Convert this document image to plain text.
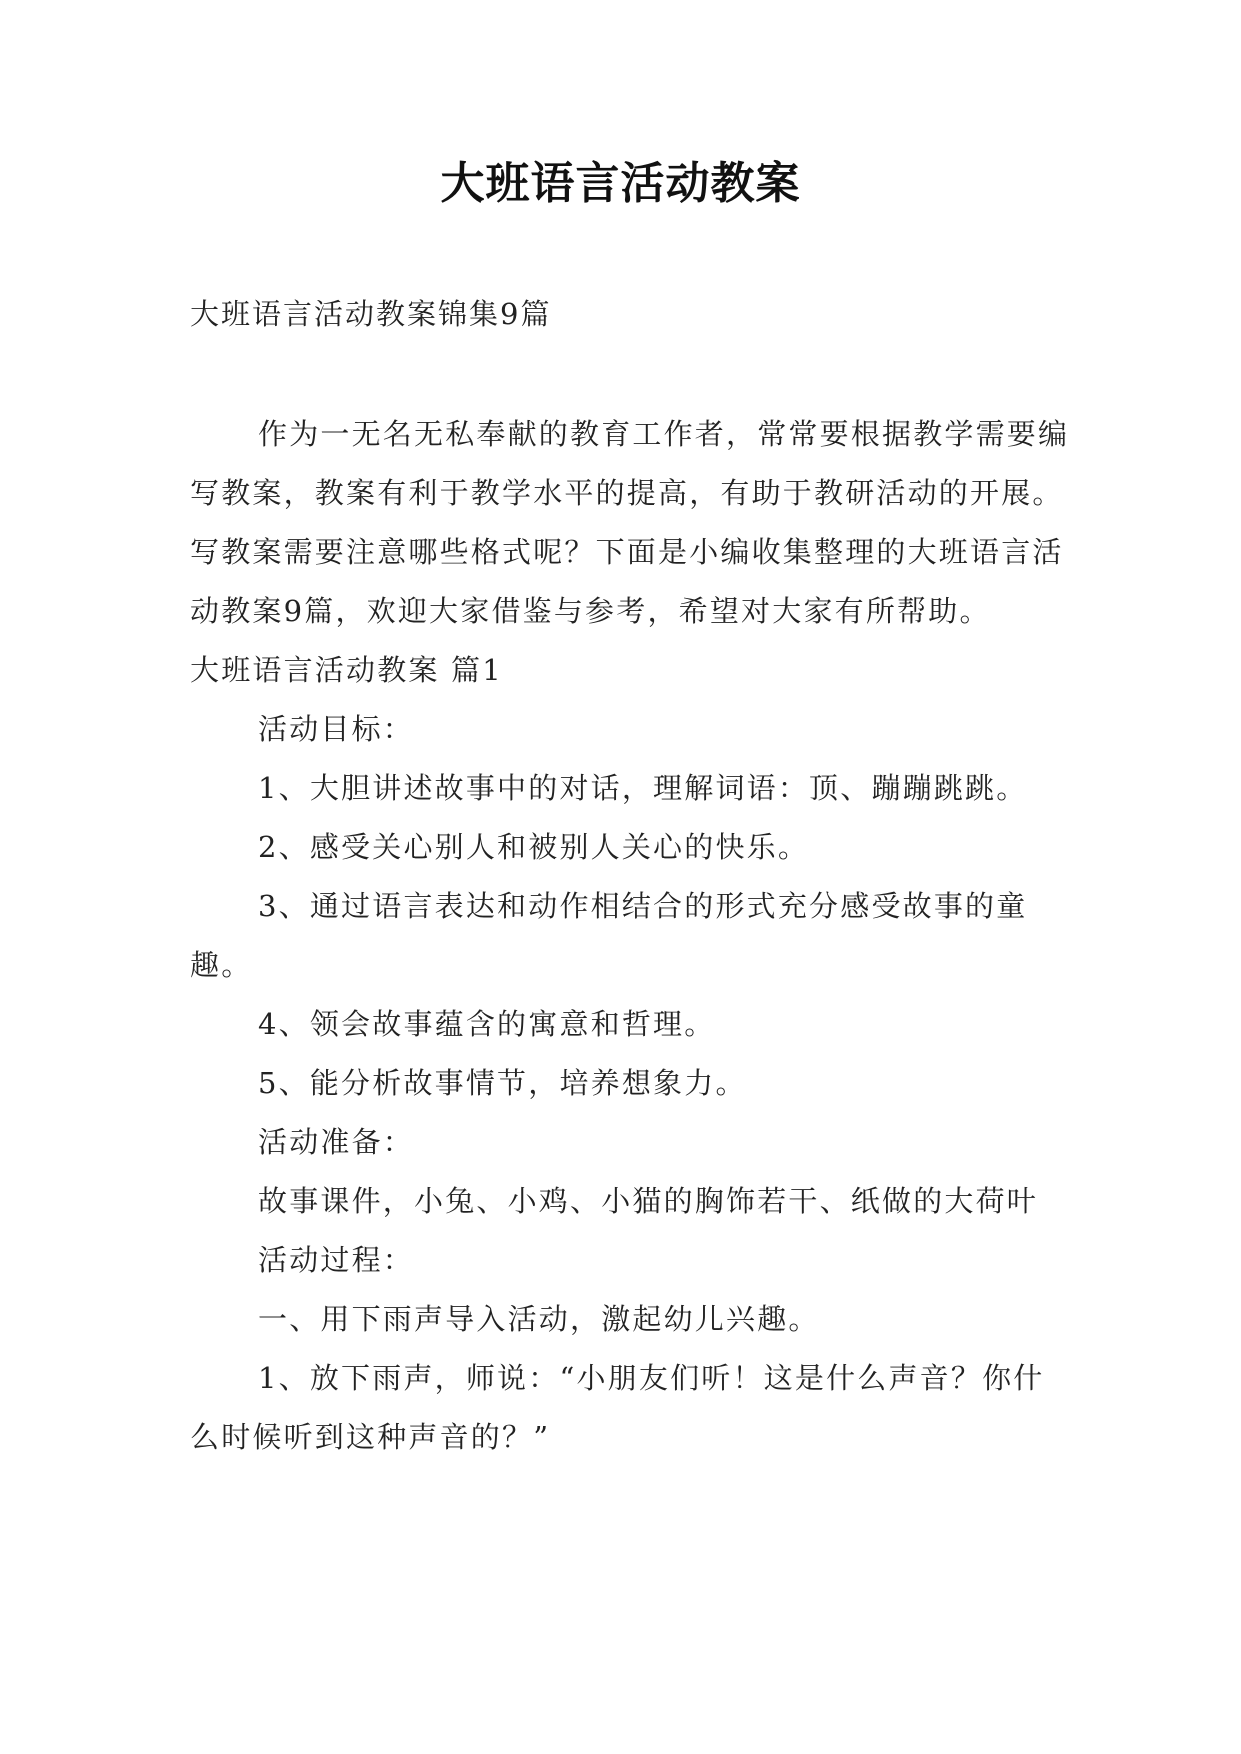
大班语言活动教案
大班语言活动教案锦集9篇

作为一无名无私奉献的教育工作者，常常要根据教学需要编写教案，教案有利于教学水平的提高，有助于教研活动的开展。写教案需要注意哪些格式呢？下面是小编收集整理的大班语言活动教案9篇，欢迎大家借鉴与参考，希望对大家有所帮助。

大班语言活动教案 篇1

活动目标：

1、大胆讲述故事中的对话，理解词语：顶、蹦蹦跳跳。

2、感受关心别人和被别人关心的快乐。

3、通过语言表达和动作相结合的形式充分感受故事的童趣。

4、领会故事蕴含的寓意和哲理。

5、能分析故事情节，培养想象力。

活动准备：

故事课件，小兔、小鸡、小猫的胸饰若干、纸做的大荷叶

活动过程：

一、用下雨声导入活动，激起幼儿兴趣。

1、放下雨声，师说：“小朋友们听！这是什么声音？你什么时候听到这种声音的？”
